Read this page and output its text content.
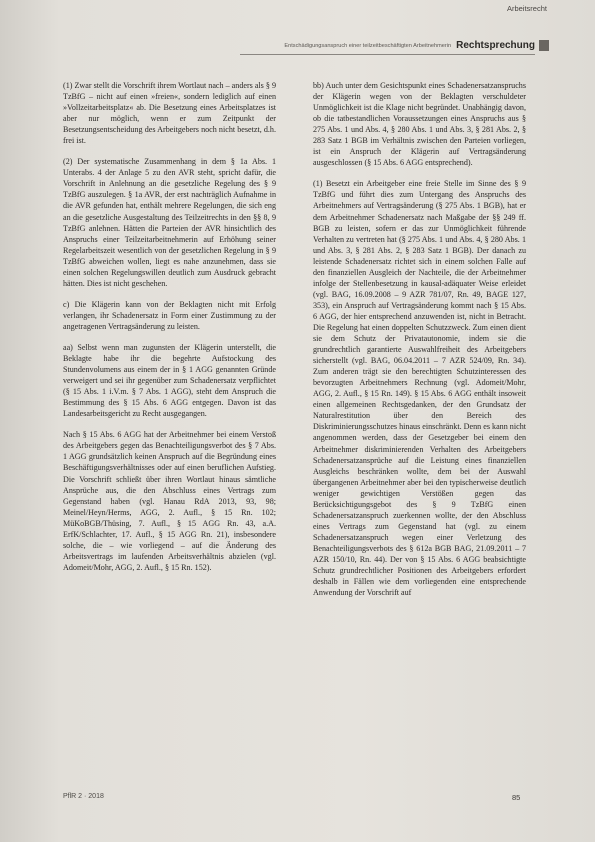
Arbeitsrecht
Entschädigungsanspruch einer teilzeitbeschäftigten Arbeitnehmerin Rechtsprechung

(1) Zwar stellt die Vorschrift ihrem Wortlaut nach – anders als § 9 TzBfG – nicht auf einen »freien«, sondern lediglich auf einen »Vollzeitarbeitsplatz« ab. Die Besetzung eines Arbeitsplatzes ist aber nur möglich, wenn er zum Zeitpunkt der Besetzungsentscheidung des Arbeitgebers noch nicht besetzt, d.h. frei ist.

(2) Der systematische Zusammenhang in dem § 1a Abs. 1 Unterabs. 4 der Anlage 5 zu den AVR steht, spricht dafür, die Vorschrift in Anlehnung an die gesetzliche Regelung des § 9 TzBfG auszulegen. § 1a AVR, der erst nachträglich Aufnahme in die AVR gefunden hat, enthält mehrere Regelungen, die sich eng an die gesetzliche Ausgestaltung des Teilzeitrechts in den §§ 8, 9 TzBfG anlehnen. Hätten die Parteien der AVR hinsichtlich des Anspruchs einer Teilzeitarbeitnehmerin auf Erhöhung seiner Regelarbeitszeit wesentlich von der gesetzlichen Regelung in § 9 TzBfG abweichen wollen, liegt es nahe anzunehmen, dass sie einen solchen Regelungswillen deutlich zum Ausdruck gebracht hätten. Dies ist nicht geschehen.

c) Die Klägerin kann von der Beklagten nicht mit Erfolg verlangen, ihr Schadenersatz in Form einer Zustimmung zu der angetragenen Vertragsänderung zu leisten.

aa) Selbst wenn man zugunsten der Klägerin unterstellt, die Beklagte habe ihr die begehrte Aufstockung des Stundenvolumens aus einem der in § 1 AGG genannten Gründe verweigert und sei ihr gegenüber zum Schadenersatz verpflichtet (§ 15 Abs. 1 i.V.m. § 7 Abs. 1 AGG), steht dem Anspruch die Bestimmung des § 15 Abs. 6 AGG entgegen. Davon ist das Landesarbeitsgericht zu Recht ausgegangen.

Nach § 15 Abs. 6 AGG hat der Arbeitnehmer bei einem Verstoß des Arbeitgebers gegen das Benachteiligungsverbot des § 7 Abs. 1 AGG grundsätzlich keinen Anspruch auf die Begründung eines Beschäftigungsverhältnisses oder auf einen beruflichen Aufstieg. Die Vorschrift schließt über ihren Wortlaut hinaus sämtliche Ansprüche aus, die den Abschluss eines Vertrags zum Gegenstand haben (vgl. Hanau RdA 2013, 93, 98; Meinel/Heyn/Herms, AGG, 2. Aufl., § 15 Rn. 102; MüKoBGB/Thüsing, 7. Aufl., § 15 AGG Rn. 43, a.A. ErfK/Schlachter, 17. Aufl., § 15 AGG Rn. 21), insbesondere solche, die – wie vorliegend – auf die Änderung des Arbeitsvertrags im laufenden Arbeitsverhältnis abzielen (vgl. Adomeit/Mohr, AGG, 2. Aufl., § 15 Rn. 152).

bb) Auch unter dem Gesichtspunkt eines Schadenersatzanspruchs der Klägerin wegen von der Beklagten verschuldeter Unmöglichkeit ist die Klage nicht begründet. Unabhängig davon, ob die tatbestandlichen Voraussetzungen eines Anspruchs aus § 275 Abs. 1 und Abs. 4, § 280 Abs. 1 und Abs. 3, § 281 Abs. 2, § 283 Satz 1 BGB im Verhältnis zwischen den Parteien vorliegen, ist ein Anspruch der Klägerin auf Vertragsänderung ausgeschlossen (§ 15 Abs. 6 AGG entsprechend).

(1) Besetzt ein Arbeitgeber eine freie Stelle im Sinne des § 9 TzBfG und führt dies zum Untergang des Anspruchs des Arbeitnehmers auf Vertragsänderung (§ 275 Abs. 1 BGB), hat er dem Arbeitnehmer Schadenersatz nach Maßgabe der §§ 249 ff. BGB zu leisten, sofern er das zur Unmöglichkeit führende Verhalten zu vertreten hat (§ 275 Abs. 1 und Abs. 4, § 280 Abs. 1 und Abs. 3, § 281 Abs. 2, § 283 Satz 1 BGB). Der danach zu leistende Schadenersatz richtet sich in einem solchen Falle auf den finanziellen Ausgleich der Nachteile, die der Arbeitnehmer infolge der Stellenbesetzung in kausal-adäquater Weise erleidet (vgl. BAG, 16.09.2008 – 9 AZR 781/07, Rn. 49, BAGE 127, 353), ein Anspruch auf Vertragsänderung kommt nach § 15 Abs. 6 AGG, der hier entsprechend anzuwenden ist, nicht in Betracht. Die Regelung hat einen doppelten Schutzzweck. Zum einen dient sie dem Schutz der Privatautonomie, indem sie die grundrechtlich garantierte Auswahlfreiheit des Arbeitgebers sicherstellt (vgl. BAG, 06.04.2011 – 7 AZR 524/09, Rn. 34). Zum anderen trägt sie den berechtigten Schutzinteressen des bevorzugten Arbeitnehmers Rechnung (vgl. Adomeit/Mohr, AGG, 2. Aufl., § 15 Rn. 149). § 15 Abs. 6 AGG enthält insoweit einen allgemeinen Rechtsgedanken, der den Grundsatz der Naturalrestitution über den Bereich des Diskriminierungsschutzes hinaus einschränkt. Denn es kann nicht angenommen werden, dass der Gesetzgeber bei einem den Arbeitnehmer diskriminierenden Verhalten des Arbeitgebers Schadenersatzansprüche auf die Leistung eines finanziellen Ausgleichs beschränken wollte, dem bei der Auswahl übergangenen Arbeitnehmer aber bei den typischerweise deutlich weniger gewichtigen Verstößen gegen das Berücksichtigungsgebot des § 9 TzBfG einen Schadenersatzanspruch zuerkennen wollte, der den Abschluss eines Vertrags zum Gegenstand hat (vgl. zu einem Schadenersatzanspruch wegen einer Verletzung des Benachteiligungsverbots des § 612a BGB BAG, 21.09.2011 – 7 AZR 150/10, Rn. 44). Der von § 15 Abs. 6 AGG beabsichtigte Schutz grundrechtlicher Positionen des Arbeitgebers erfordert deshalb in Fällen wie dem vorliegenden eine entsprechende Anwendung der Vorschrift auf

PflR 2 · 2018	85
